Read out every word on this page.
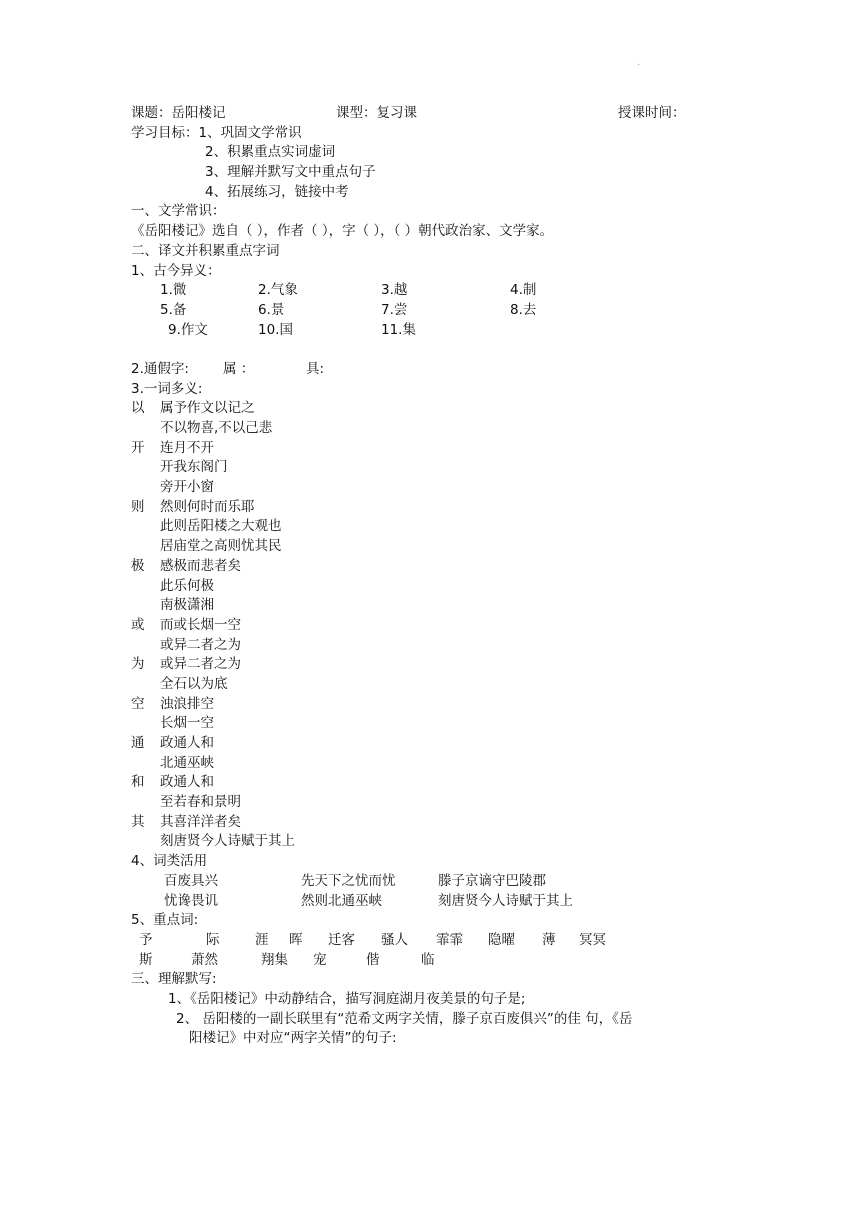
·
课题：岳阳楼记	课型：复习课	授课时间：
学习目标：1、巩固文学常识
2、积累重点实词虚词
3、理解并默写文中重点句子
4、拓展练习，链接中考
一、文学常识：
《岳阳楼记》选自（ ），作者（ ），字（ ），（ ）朝代政治家、文学家。
二、译文并积累重点字词
1、古今异义：
1.微	2.气象	3.越	4.制
5.备	6.景	7.尝	8.去
9.作文	10.国	11.集
2.通假字:	属 ：	具:
3.一词多义:
以 属予作文以记之
不以物喜,不以己悲
开 连月不开
开我东阁门
旁开小窗
则 然则何时而乐耶
此则岳阳楼之大观也
居庙堂之高则忧其民
极 感极而悲者矣
此乐何极
南极潇湘
或 而或长烟一空
或异二者之为
为 或异二者之为
全石以为底
空 浊浪排空
长烟一空
通 政通人和
北通巫峡
和 政通人和
至若春和景明
其 其喜洋洋者矣
刻唐贤今人诗赋于其上
4、词类活用
百废具兴	先天下之忧而忧	滕子京谪守巴陵郡
忧谗畏讥	然则北通巫峡	刻唐贤今人诗赋于其上
5、重点词:
予	际	涯 晖 迁客 骚人 霏霏 隐曜 薄 冥冥
斯	萧然	翔集 宠	偕	临
三、理解默写:
1、《岳阳楼记》中动静结合，描写洞庭湖月夜美景的句子是;
2、 岳阳楼的一副长联里有“范希文两字关情，滕子京百废俱兴”的佳 句，《岳
阳楼记》中对应“两字关情”的句子:
